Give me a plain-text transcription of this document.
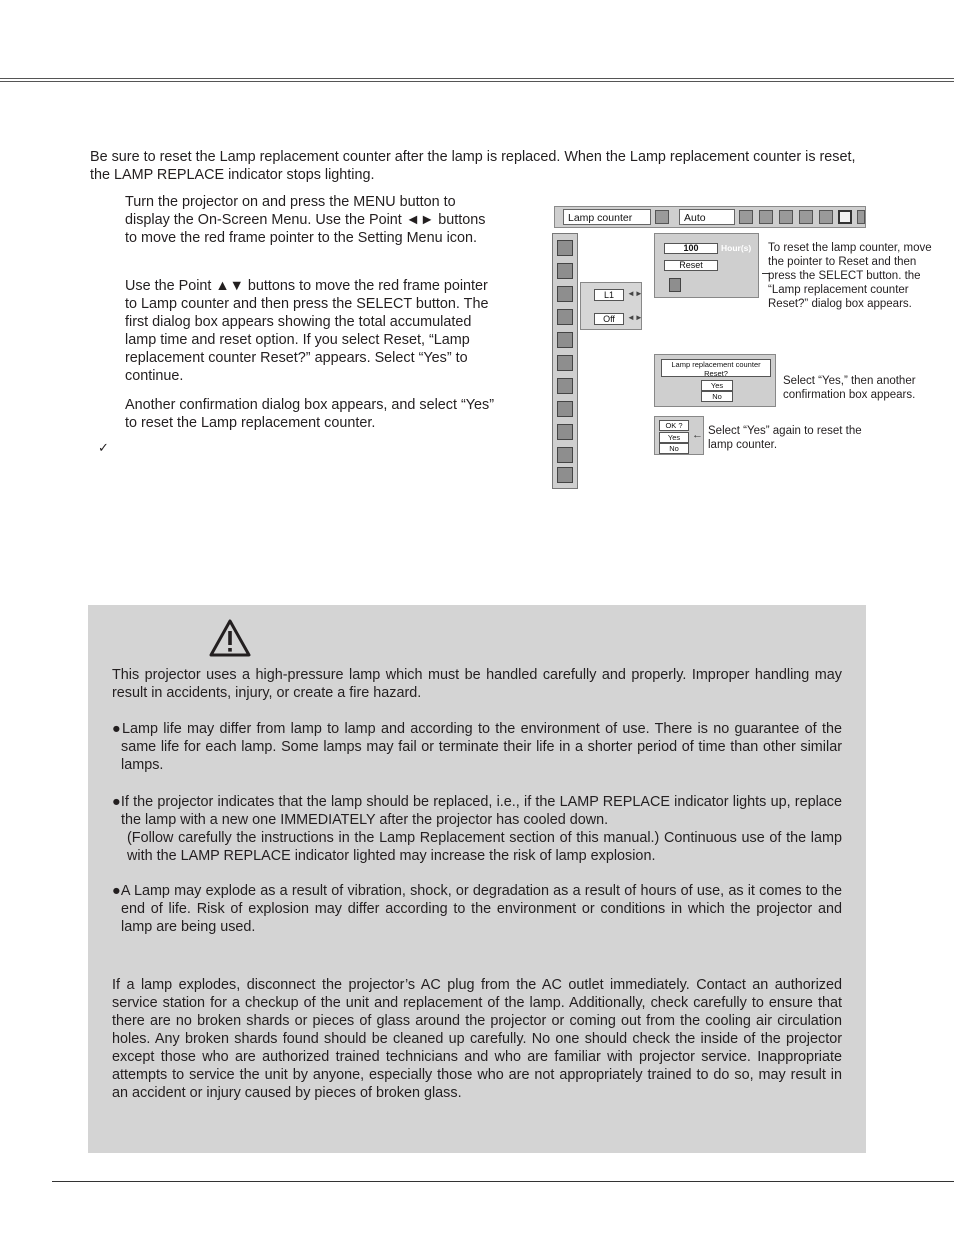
Be sure to reset the Lamp replacement counter after the lamp is replaced. When the Lamp replacement counter is reset, the LAMP REPLACE indicator stops lighting.
Turn the projector on and press the MENU button to display the On-Screen Menu. Use the Point ◄► buttons to move the red frame pointer to the Setting Menu icon.
Use the Point ▲▼ buttons to move the red frame pointer to Lamp counter and then press the SELECT button. The first dialog box appears showing the total accumulated lamp time and reset option. If you select Reset, “Lamp replacement counter Reset?” appears. Select “Yes” to continue.
Another confirmation dialog box appears, and select “Yes” to reset the Lamp replacement counter.
✓
Lamp counter	Auto
L1	◄►
Off	◄►
100	Hour(s)
Reset
To reset the lamp counter, move the pointer to Reset and then press the SELECT button. the “Lamp replacement counter Reset?” dialog box appears.
Lamp replacement counter
Reset?
Yes
No
Select “Yes,” then another confirmation box appears.
OK ?
Yes
No
← Select “Yes” again to reset the lamp counter.
This projector uses a high-pressure lamp which must be handled carefully and properly. Improper handling may result in accidents, injury, or create a fire hazard.
●Lamp life may differ from lamp to lamp and according to the environment of use. There is no guarantee of the same life for each lamp. Some lamps may fail or terminate their life in a shorter period of time than other similar lamps.
●If the projector indicates that the lamp should be replaced, i.e., if the LAMP REPLACE indicator lights up, replace the lamp with a new one IMMEDIATELY after the projector has cooled down.
(Follow carefully the instructions in the Lamp Replacement section of this manual.) Continuous use of the lamp with the LAMP REPLACE indicator lighted may increase the risk of lamp explosion.
●A Lamp may explode as a result of vibration, shock, or degradation as a result of hours of use, as it comes to the end of life. Risk of explosion may differ according to the environment or conditions in which the projector and lamp are being used.
If a lamp explodes, disconnect the projector’s AC plug from the AC outlet immediately. Contact an authorized service station for a checkup of the unit and replacement of the lamp. Additionally, check carefully to ensure that there are no broken shards or pieces of glass around the projector or coming out from the cooling air circulation holes. Any broken shards found should be cleaned up carefully. No one should check the inside of the projector except those who are authorized trained technicians and who are familiar with projector service. Inappropriate attempts to service the unit by anyone, especially those who are not appropriately trained to do so, may result in an accident or injury caused by pieces of broken glass.
